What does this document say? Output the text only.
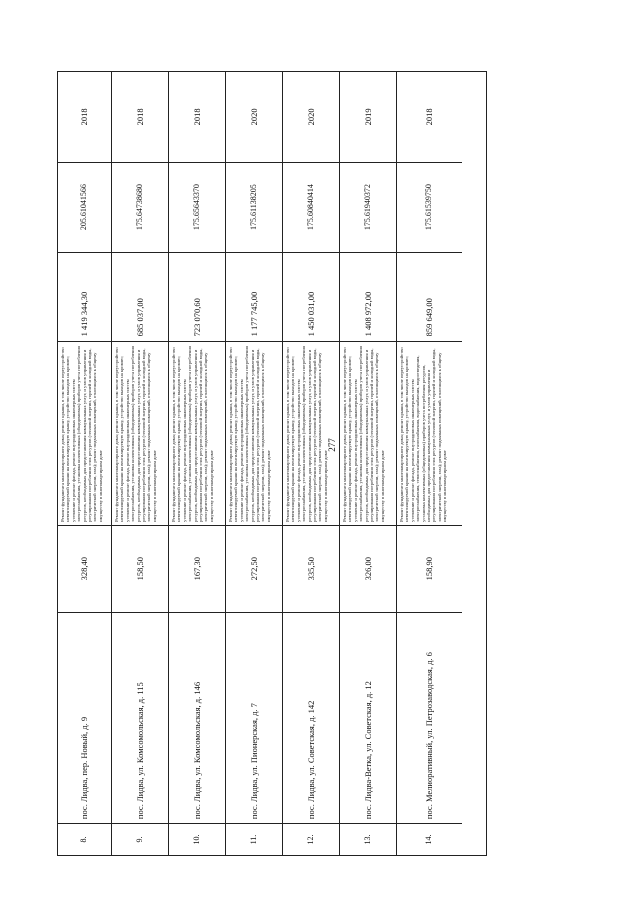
277
8.
пос. Лидва, пер. Новый, д. 9
328,40
Ремонт фундамента многоквартирного дома; ремонт крыши, в том числе переустройство невентилируемой крыши на вентилируемую крышу, устройство выходов на кровлю; утепление и ремонт фасада, ремонт внутридомовых инженерных систем электроснабжения, установка коллективных (общедомовых) приборов учета потребления ресурсов, необходимых для предоставления коммунальных услуг, и узлов управления и регулирования потребления этих ресурсов (тепловой энергии, горячей и холодной воды, электрической энергии, газа); ремонт подвальных помещений, относящихся к общему имуществу в многоквартирном доме
1 419 344,30
205.61041566
2018
9.
пос. Лидва, ул. Комсомольская, д. 115
158,50
Ремонт фундамента многоквартирного дома; ремонт крыши, в том числе переустройство невентилируемой крыши на вентилируемую крышу, устройство выходов на кровлю; утепление и ремонт фасада, ремонт внутридомовых инженерных систем электроснабжения, установка коллективных (общедомовых) приборов учета потребления ресурсов, необходимых для предоставления коммунальных услуг, и узлов управления и регулирования потребления этих ресурсов (тепловой энергии, горячей и холодной воды, электрической энергии, газа); ремонт подвальных помещений, относящихся к общему имуществу в многоквартирном доме
685 037,00
175.64738680
2018
10.
пос. Лидва, ул. Комсомольская, д. 146
167,30
Ремонт фундамента многоквартирного дома; ремонт крыши, в том числе переустройство невентилируемой крыши на вентилируемую крышу, устройство выходов на кровлю; утепление и ремонт фасада, ремонт внутридомовых инженерных систем электроснабжения, установка коллективных (общедомовых) приборов учета потребления ресурсов, необходимых для предоставления коммунальных услуг, и узлов управления и регулирования потребления этих ресурсов (тепловой энергии, горячей и холодной воды, электрической энергии, газа); ремонт подвальных помещений, относящихся к общему имуществу в многоквартирном доме
723 070,60
175.65643370
2018
11.
пос. Лидва, ул. Пионерская, д. 7
272,50
Ремонт фундамента многоквартирного дома; ремонт крыши, в том числе переустройство невентилируемой крыши на вентилируемую крышу, устройство выходов на кровлю; утепление и ремонт фасада, ремонт внутридомовых инженерных систем электроснабжения, установка коллективных (общедомовых) приборов учета потребления ресурсов, необходимых для предоставления коммунальных услуг, и узлов управления и регулирования потребления этих ресурсов (тепловой энергии, горячей и холодной воды, электрической энергии, газа); ремонт подвальных помещений, относящихся к общему имуществу в многоквартирном доме
1 177 745,00
175.61138205
2020
12.
пос. Лидва, ул. Советская, д. 142
335,50
Ремонт фундамента многоквартирного дома; ремонт крыши, в том числе переустройство невентилируемой крыши на вентилируемую крышу, устройство выходов на кровлю; утепление и ремонт фасада, ремонт внутридомовых инженерных систем электроснабжения, установка коллективных (общедомовых) приборов учета потребления ресурсов, необходимых для предоставления коммунальных услуг, и узлов управления и регулирования потребления этих ресурсов (тепловой энергии, горячей и холодной воды, электрической энергии, газа); ремонт подвальных помещений, относящихся к общему имуществу в многоквартирном доме
1 450 031,00
175.60840414
2020
13.
пос. Лидва-Ветка, ул. Советская, д. 12
326,00
Ремонт фундамента многоквартирного дома; ремонт крыши, в том числе переустройство невентилируемой крыши на вентилируемую крышу, устройство выходов на кровлю; утепление и ремонт фасада, ремонт внутридомовых инженерных систем электроснабжения, установка коллективных (общедомовых) приборов учета потребления ресурсов, необходимых для предоставления коммунальных услуг, и узлов управления и регулирования потребления этих ресурсов (тепловой энергии, горячей и холодной воды, электрической энергии, газа); ремонт подвальных помещений, относящихся к общему имуществу в многоквартирном доме
1 408 972,00
175.61940372
2019
14.
пос. Мелиоративный, ул. Петрозаводская, д. 6
158,90
Ремонт фундамента многоквартирного дома; ремонт крыши, в том числе переустройство невентилируемой крыши на вентилируемую крышу, устройство выходов на кровлю; утепление и ремонт фасада, ремонт внутридомовых инженерных систем электроснабжения, теплоснабжения, газоснабжения, водоснабжения, водоотведения, установка коллективных (общедомовых) приборов учета потребления ресурсов, необходимых для предоставления коммунальных услуг, и узлов управления и регулирования потребления этих ресурсов (тепловой энергии, горячей и холодной воды, электрической энергии, газа); ремонт подвальных помещений, относящихся к общему имуществу в многоквартирном доме
859 649,00
175.61539750
2018
